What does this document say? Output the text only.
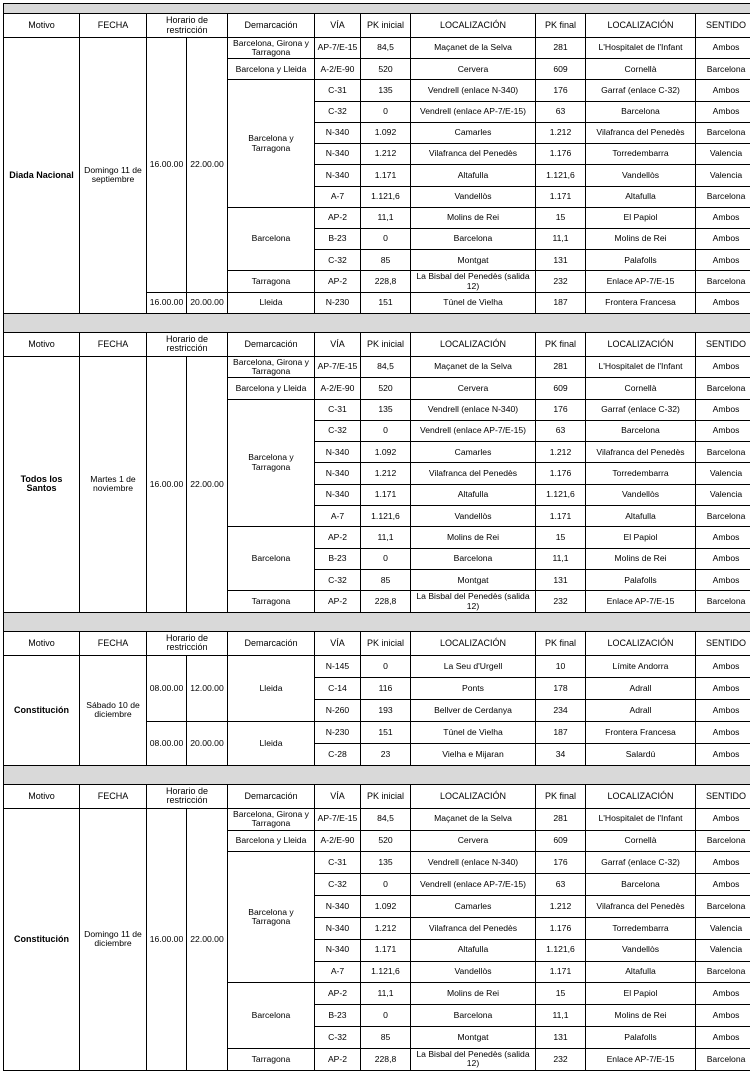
Motivo	FECHA	Horario de restricción		Demarcación	VÍA	PK inicial	LOCALIZACIÓN	PK final	LOCALIZACIÓN	SENTIDO
Diada Nacional	Domingo 11 de septiembre	16.00.00	22.00.00	Barcelona, Girona y Tarragona	AP-7/E-15	84,5	Maçanet de la Selva	281	L'Hospitalet de l'Infant	Ambos
				Barcelona y Lleida	A-2/E-90	520	Cervera	609	Cornellà	Barcelona
				Barcelona y Tarragona	C-31	135	Vendrell (enlace N-340)	176	Garraf (enlace C-32)	Ambos
					C-32	0	Vendrell (enlace AP-7/E-15)	63	Barcelona	Ambos
					N-340	1.092	Camarles	1.212	Vilafranca del Penedès	Barcelona
					N-340	1.212	Vilafranca del Penedès	1.176	Torredembarra	Valencia
					N-340	1.171	Altafulla	1.121,6	Vandellòs	Valencia
					A-7	1.121,6	Vandellòs	1.171	Altafulla	Barcelona
				Barcelona	AP-2	11,1	Molins de Rei	15	El Papiol	Ambos
					B-23	0	Barcelona	11,1	Molins de Rei	Ambos
					C-32	85	Montgat	131	Palafolls	Ambos
				Tarragona	AP-2	228,8	La Bisbal del Penedès (salida 12)	232	Enlace AP-7/E-15	Barcelona
		16.00.00	20.00.00	Lleida	N-230	151	Túnel de Vielha	187	Frontera Francesa	Ambos

Motivo	FECHA	Horario de restricción		Demarcación	VÍA	PK inicial	LOCALIZACIÓN	PK final	LOCALIZACIÓN	SENTIDO
Todos los Santos	Martes 1 de noviembre	16.00.00	22.00.00	Barcelona, Girona y Tarragona	AP-7/E-15	84,5	Maçanet de la Selva	281	L'Hospitalet de l'Infant	Ambos
				Barcelona y Lleida	A-2/E-90	520	Cervera	609	Cornellà	Barcelona
				Barcelona y Tarragona	C-31	135	Vendrell (enlace N-340)	176	Garraf (enlace C-32)	Ambos
					C-32	0	Vendrell (enlace AP-7/E-15)	63	Barcelona	Ambos
					N-340	1.092	Camarles	1.212	Vilafranca del Penedès	Barcelona
					N-340	1.212	Vilafranca del Penedès	1.176	Torredembarra	Valencia
					N-340	1.171	Altafulla	1.121,6	Vandellòs	Valencia
					A-7	1.121,6	Vandellòs	1.171	Altafulla	Barcelona
				Barcelona	AP-2	11,1	Molins de Rei	15	El Papiol	Ambos
					B-23	0	Barcelona	11,1	Molins de Rei	Ambos
					C-32	85	Montgat	131	Palafolls	Ambos
				Tarragona	AP-2	228,8	La Bisbal del Penedès (salida 12)	232	Enlace AP-7/E-15	Barcelona

Motivo	FECHA	Horario de restricción		Demarcación	VÍA	PK inicial	LOCALIZACIÓN	PK final	LOCALIZACIÓN	SENTIDO
Constitución	Sábado 10 de diciembre	08.00.00	12.00.00	Lleida	N-145	0	La Seu d'Urgell	10	Límite Andorra	Ambos
					C-14	116	Ponts	178	Adrall	Ambos
					N-260	193	Bellver de Cerdanya	234	Adrall	Ambos
		08.00.00	20.00.00	Lleida	N-230	151	Túnel de Vielha	187	Frontera Francesa	Ambos
					C-28	23	Vielha e Mijaran	34	Salardú	Ambos

Motivo	FECHA	Horario de restricción		Demarcación	VÍA	PK inicial	LOCALIZACIÓN	PK final	LOCALIZACIÓN	SENTIDO
Constitución	Domingo 11 de diciembre	16.00.00	22.00.00	Barcelona, Girona y Tarragona	AP-7/E-15	84,5	Maçanet de la Selva	281	L'Hospitalet de l'Infant	Ambos
				Barcelona y Lleida	A-2/E-90	520	Cervera	609	Cornellà	Barcelona
				Barcelona y Tarragona	C-31	135	Vendrell (enlace N-340)	176	Garraf (enlace C-32)	Ambos
					C-32	0	Vendrell (enlace AP-7/E-15)	63	Barcelona	Ambos
					N-340	1.092	Camarles	1.212	Vilafranca del Penedès	Barcelona
					N-340	1.212	Vilafranca del Penedès	1.176	Torredembarra	Valencia
					N-340	1.171	Altafulla	1.121,6	Vandellòs	Valencia
					A-7	1.121,6	Vandellòs	1.171	Altafulla	Barcelona
				Barcelona	AP-2	11,1	Molins de Rei	15	El Papiol	Ambos
					B-23	0	Barcelona	11,1	Molins de Rei	Ambos
					C-32	85	Montgat	131	Palafolls	Ambos
				Tarragona	AP-2	228,8	La Bisbal del Penedès (salida 12)	232	Enlace AP-7/E-15	Barcelona
